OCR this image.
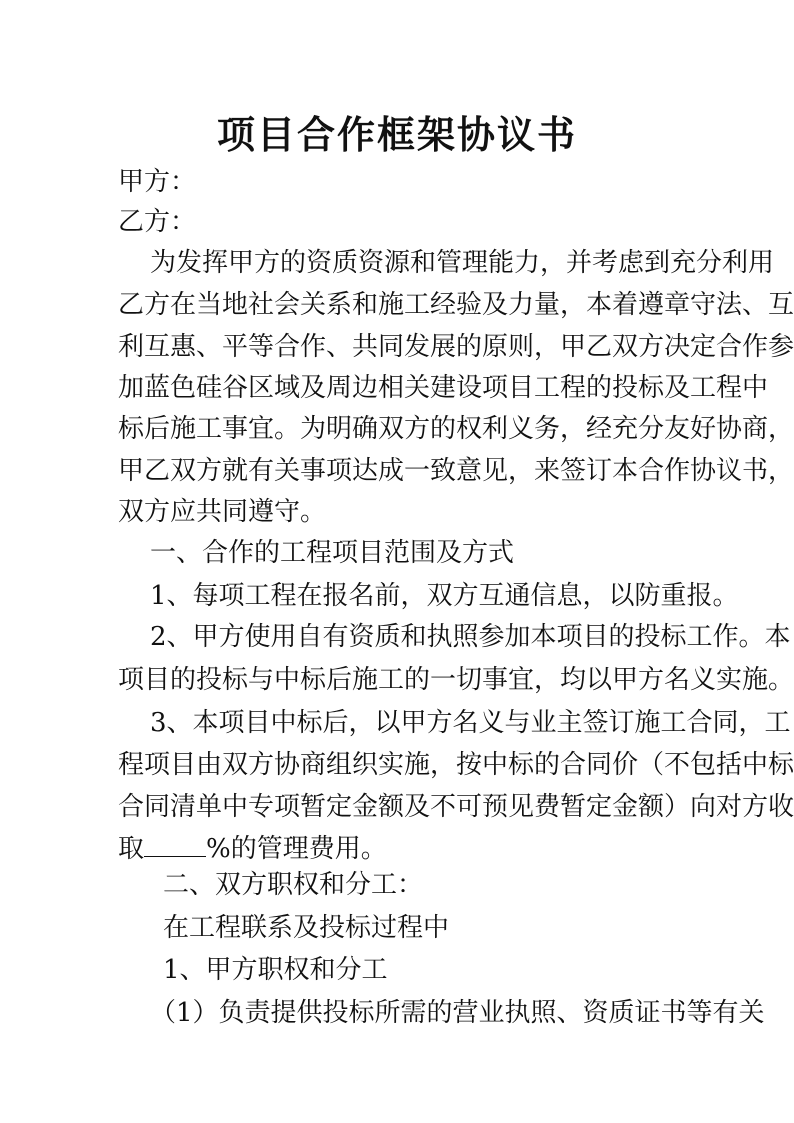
项目合作框架协议书
甲方：
乙方：
为发挥甲方的资质资源和管理能力，并考虑到充分利用
乙方在当地社会关系和施工经验及力量，本着遵章守法、互
利互惠、平等合作、共同发展的原则，甲乙双方决定合作参
加蓝色硅谷区域及周边相关建设项目工程的投标及工程中
标后施工事宜。为明确双方的权利义务，经充分友好协商，
甲乙双方就有关事项达成一致意见，来签订本合作协议书，
双方应共同遵守。
一、合作的工程项目范围及方式
1、每项工程在报名前，双方互通信息，以防重报。
2、甲方使用自有资质和执照参加本项目的投标工作。本
项目的投标与中标后施工的一切事宜，均以甲方名义实施。
3、本项目中标后，以甲方名义与业主签订施工合同，工
程项目由双方协商组织实施，按中标的合同价（不包括中标
合同清单中专项暂定金额及不可预见费暂定金额）向对方收
取 %的管理费用。
二、双方职权和分工：
在工程联系及投标过程中
1、甲方职权和分工
（1）负责提供投标所需的营业执照、资质证书等有关
